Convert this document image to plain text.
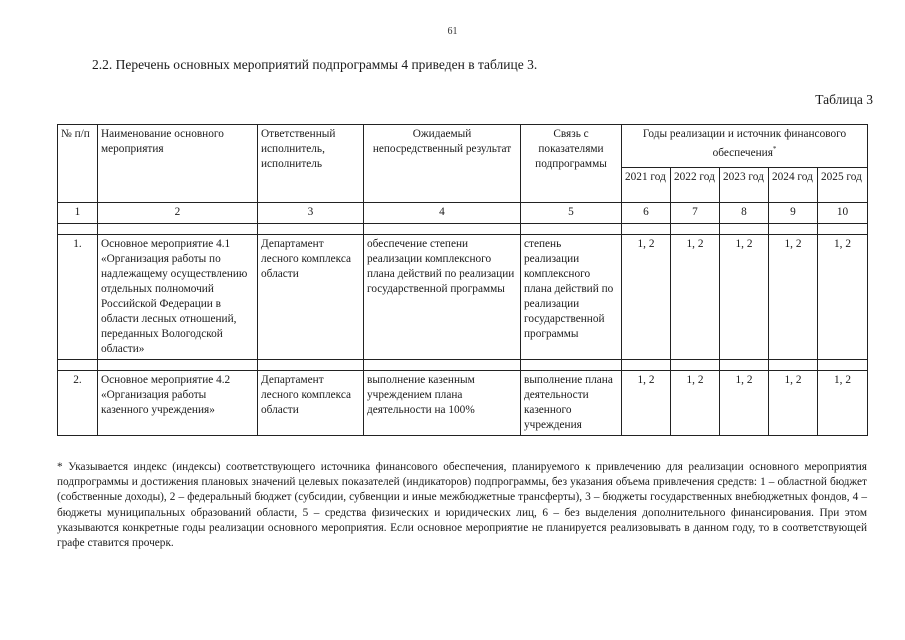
61
2.2. Перечень основных мероприятий подпрограммы 4 приведен в таблице 3.
Таблица 3
№ п/п	Наименование основного мероприятия	Ответственный исполнитель, исполнитель	Ожидаемый непосредственный результат	Связь с показателями подпрограммы	Годы реализации и источник финансового обеспечения*
					2021 год	2022 год	2023 год	2024 год	2025 год
1	2	3	4	5	6	7	8	9	10

1.	Основное мероприятие 4.1 «Организация работы по надлежащему осуществлению отдельных полномочий Российской Федерации в области лесных отношений, переданных Вологодской области»	Департамент лесного комплекса области	обеспечение степени реализации комплексного плана действий по реализации государственной программы	степень реализации комплексного плана действий по реализации государственной программы	1, 2	1, 2	1, 2	1, 2	1, 2

2.	Основное мероприятие 4.2 «Организация работы казенного учреждения»	Департамент лесного комплекса области	выполнение казенным учреждением плана деятельности на 100%	выполнение плана деятельности казенного учреждения	1, 2	1, 2	1, 2	1, 2	1, 2
* Указывается индекс (индексы) соответствующего источника финансового обеспечения, планируемого к привлечению для реализации основного мероприятия подпрограммы и достижения плановых значений целевых показателей (индикаторов) подпрограммы, без указания объема привлечения средств: 1 – областной бюджет (собственные доходы), 2 – федеральный бюджет (субсидии, субвенции и иные межбюджетные трансферты), 3 – бюджеты государственных внебюджетных фондов, 4 – бюджеты муниципальных образований области, 5 – средства физических и юридических лиц, 6 – без выделения дополнительного финансирования. При этом указываются конкретные годы реализации основного мероприятия. Если основное мероприятие не планируется реализовывать в данном году, то в соответствующей графе ставится прочерк.
